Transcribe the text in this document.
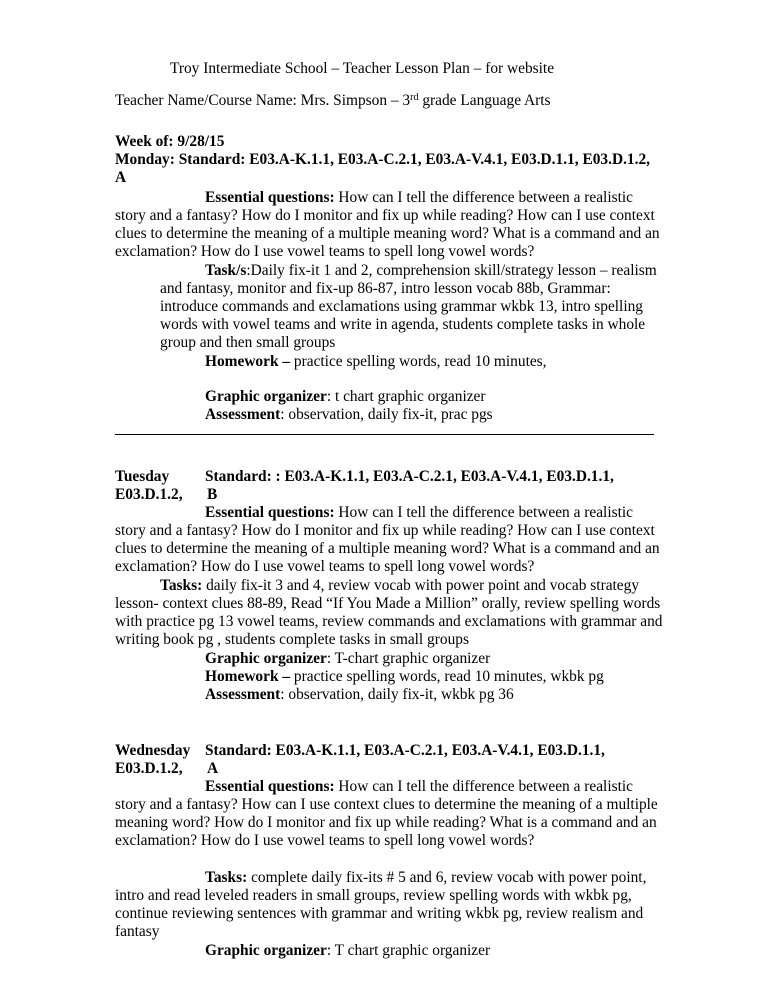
Troy Intermediate School – Teacher Lesson Plan – for website
Teacher Name/Course Name: Mrs. Simpson – 3rd grade Language Arts
Week of: 9/28/15
Monday: Standard: E03.A-K.1.1, E03.A-C.2.1, E03.A-V.4.1, E03.D.1.1, E03.D.1.2,
A
Essential questions: How can I tell the difference between a realistic
story and a fantasy? How do I monitor and fix up while reading? How can I use context
clues to determine the meaning of a multiple meaning word? What is a command and an
exclamation? How do I use vowel teams to spell long vowel words?
Task/s:Daily fix-it 1 and 2, comprehension skill/strategy lesson – realism
and fantasy, monitor and fix-up 86-87, intro lesson vocab 88b, Grammar:
introduce commands and exclamations using grammar wkbk 13, intro spelling
words with vowel teams and write in agenda, students complete tasks in whole
group and then small groups
Homework – practice spelling words, read 10 minutes,
Graphic organizer: t chart graphic organizer
Assessment: observation, daily fix-it, prac pgs
Tuesday Standard: : E03.A-K.1.1, E03.A-C.2.1, E03.A-V.4.1, E03.D.1.1,
E03.D.1.2, B
Essential questions: How can I tell the difference between a realistic
story and a fantasy? How do I monitor and fix up while reading? How can I use context
clues to determine the meaning of a multiple meaning word? What is a command and an
exclamation? How do I use vowel teams to spell long vowel words?
Tasks: daily fix-it 3 and 4, review vocab with power point and vocab strategy
lesson- context clues 88-89, Read “If You Made a Million” orally, review spelling words
with practice pg 13 vowel teams, review commands and exclamations with grammar and
writing book pg , students complete tasks in small groups
Graphic organizer: T-chart graphic organizer
Homework – practice spelling words, read 10 minutes, wkbk pg
Assessment: observation, daily fix-it, wkbk pg 36
Wednesday Standard: E03.A-K.1.1, E03.A-C.2.1, E03.A-V.4.1, E03.D.1.1,
E03.D.1.2, A
Essential questions: How can I tell the difference between a realistic
story and a fantasy? How can I use context clues to determine the meaning of a multiple
meaning word? How do I monitor and fix up while reading? What is a command and an
exclamation? How do I use vowel teams to spell long vowel words?
Tasks: complete daily fix-its # 5 and 6, review vocab with power point,
intro and read leveled readers in small groups, review spelling words with wkbk pg,
continue reviewing sentences with grammar and writing wkbk pg, review realism and
fantasy
Graphic organizer: T chart graphic organizer
